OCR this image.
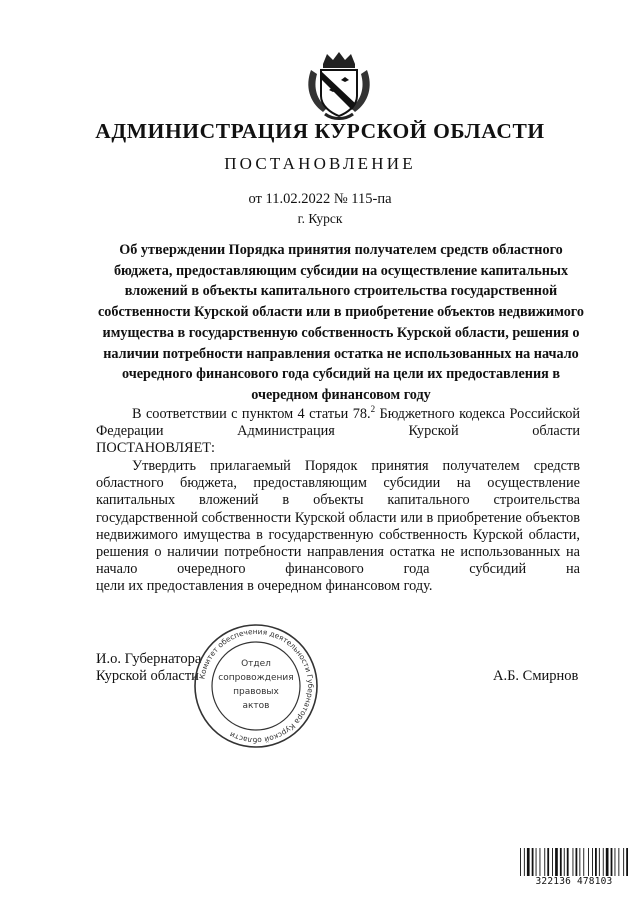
АДМИНИСТРАЦИЯ КУРСКОЙ ОБЛАСТИ
ПОСТАНОВЛЕНИЕ
от 11.02.2022 № 115-па
г. Курск
Об утверждении Порядка принятия получателем средств областного бюджета, предоставляющим субсидии на осуществление капитальных вложений в объекты капитального строительства государственной собственности Курской области или в приобретение объектов недвижимого имущества в государственную собственность Курской области, решения о наличии потребности направления остатка не использованных на начало очередного финансового года субсидий на цели их предоставления в очередном финансовом году
В соответствии с пунктом 4 статьи 78.$^2$ Бюджетного кодекса Российской Федерации Администрация Курской области
ПОСТАНОВЛЯЕТ:
Утвердить прилагаемый Порядок принятия получателем средств областного бюджета, предоставляющим субсидии на осуществление капитальных вложений в объекты капитального строительства государственной собственности Курской области или в приобретение объектов недвижимого имущества в государственную собственность Курской области, решения о наличии потребности направления остатка не использованных на начало очередного финансового года субсидий на
цели их предоставления в очередном финансовом году.
И.о. Губернатора
Курской области	А.Б. Смирнов
Комитет обеспечения деятельности Губернатора Курской области
Отдел
сопровождения
правовых
актов
322136 478103
